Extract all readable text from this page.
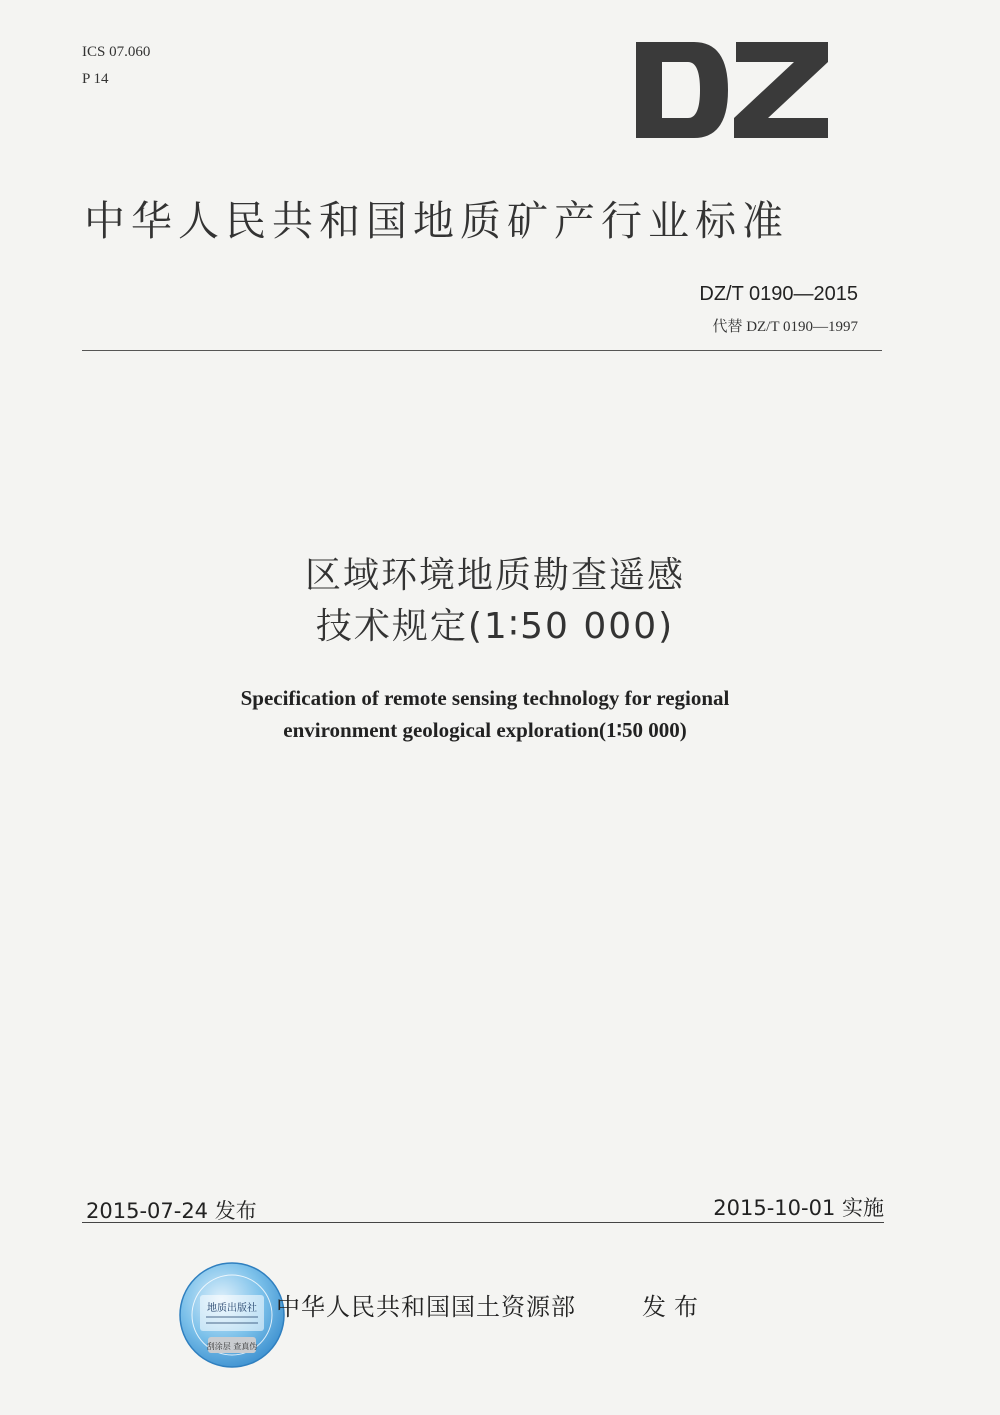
ICS 07.060
P 14
中华人民共和国地质矿产行业标准
DZ/T 0190—2015
代替 DZ/T 0190—1997
区域环境地质勘查遥感
技术规定(1∶50 000)
Specification of remote sensing technology for regional
environment geological exploration(1∶50 000)
2015-07-24 发布	2015-10-01 实施
地质出版社
刮涂层 查真伪
中华人民共和国国土资源部	发布
